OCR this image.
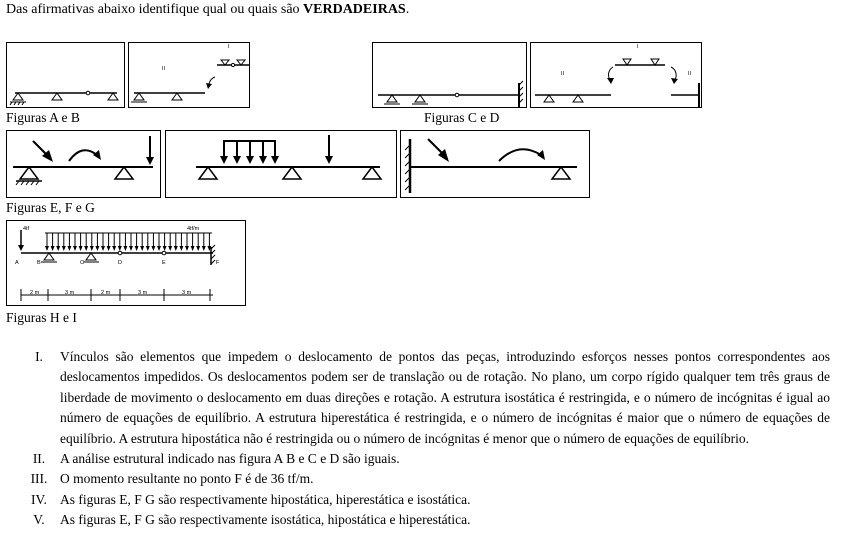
Das afirmativas abaixo identifique qual ou quais são VERDADEIRAS.
I
II
Figuras A e B
I
II	II
Figuras C e D
Figuras E, F e G
4tf	4tf/m
A	B	C	D	E	F
2 m	3 m	2 m	3 m	3 m
Figuras H e I
I.	Vínculos são elementos que impedem o deslocamento de pontos das peças, introduzindo esforços nesses pontos correspondentes aos deslocamentos impedidos. Os deslocamentos podem ser de translação ou de rotação. No plano, um corpo rígido qualquer tem três graus de liberdade de movimento o deslocamento em duas direções e rotação. A estrutura isostática é restringida, e o número de incógnitas é igual ao número de equações de equilíbrio. A estrutura hiperestática é restringida, e o número de incógnitas é maior que o número de equações de equilíbrio. A estrutura hipostática não é restringida ou o número de incógnitas é menor que o número de equações de equilíbrio.
II.	A análise estrutural indicado nas figura A B e C e D são iguais.
III. O momento resultante no ponto F é de 36 tf/m.
IV. As figuras E, F G são respectivamente hipostática, hiperestática e isostática.
V.	As figuras E, F G são respectivamente isostática, hipostática e hiperestática.
